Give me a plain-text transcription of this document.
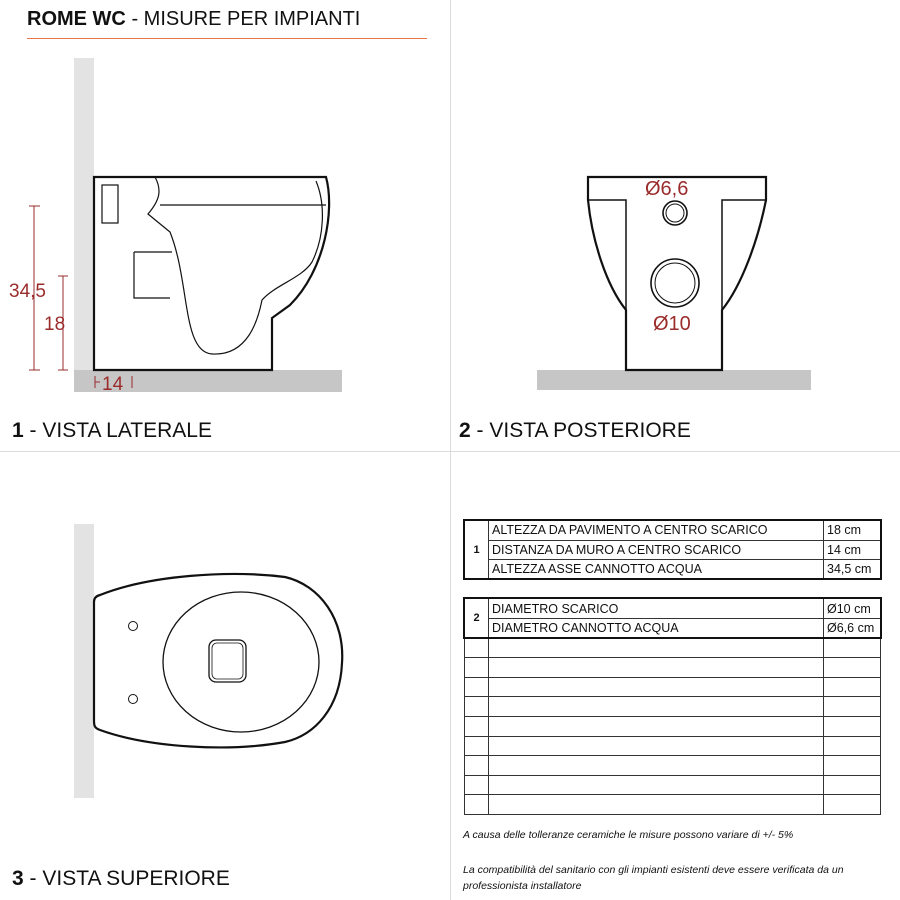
ROME WC - MISURE PER IMPIANTI
34,5
18
14
Ø6,6
Ø10
1 - VISTA LATERALE	2 - VISTA POSTERIORE
3 - VISTA SUPERIORE
1	ALTEZZA DA PAVIMENTO A CENTRO SCARICO	18 cm
	DISTANZA DA MURO A CENTRO SCARICO	14 cm
	ALTEZZA ASSE CANNOTTO ACQUA	34,5 cm

2	DIAMETRO SCARICO	Ø10 cm
	DIAMETRO CANNOTTO ACQUA	Ø6,6 cm

A causa delle tolleranze ceramiche le misure possono variare di +/- 5%
La compatibilità del sanitario con gli impianti esistenti deve essere verificata da un professionista installatore
